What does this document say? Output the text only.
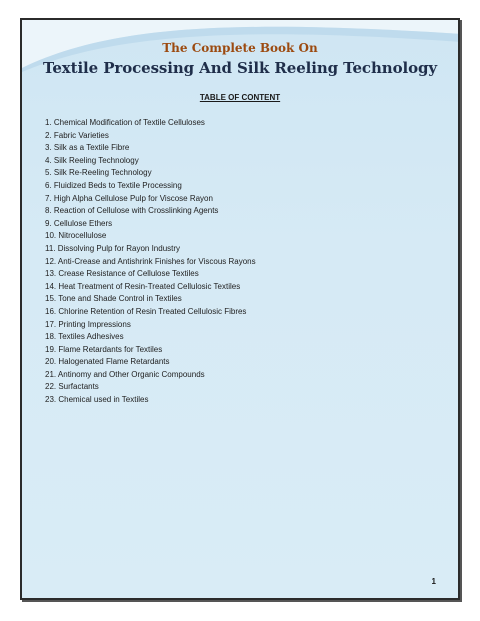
The Complete Book On
Textile Processing And Silk Reeling Technology
TABLE OF CONTENT
1. Chemical Modification of Textile Celluloses
2. Fabric Varieties
3. Silk as a Textile Fibre
4. Silk Reeling Technology
5. Silk Re-Reeling Technology
6. Fluidized Beds to Textile Processing
7. High Alpha Cellulose Pulp for Viscose Rayon
8. Reaction of Cellulose with Crosslinking Agents
9. Cellulose Ethers
10. Nitrocellulose
11. Dissolving Pulp for Rayon Industry
12. Anti-Crease and Antishrink Finishes for Viscous Rayons
13. Crease Resistance of Cellulose Textiles
14. Heat Treatment of Resin-Treated Cellulosic Textiles
15. Tone and Shade Control in Textiles
16. Chlorine Retention of Resin Treated Cellulosic Fibres
17. Printing Impressions
18. Textiles Adhesives
19. Flame Retardants for Textiles
20. Halogenated Flame Retardants
21. Antinomy and Other Organic Compounds
22. Surfactants
23. Chemical used in Textiles
1
